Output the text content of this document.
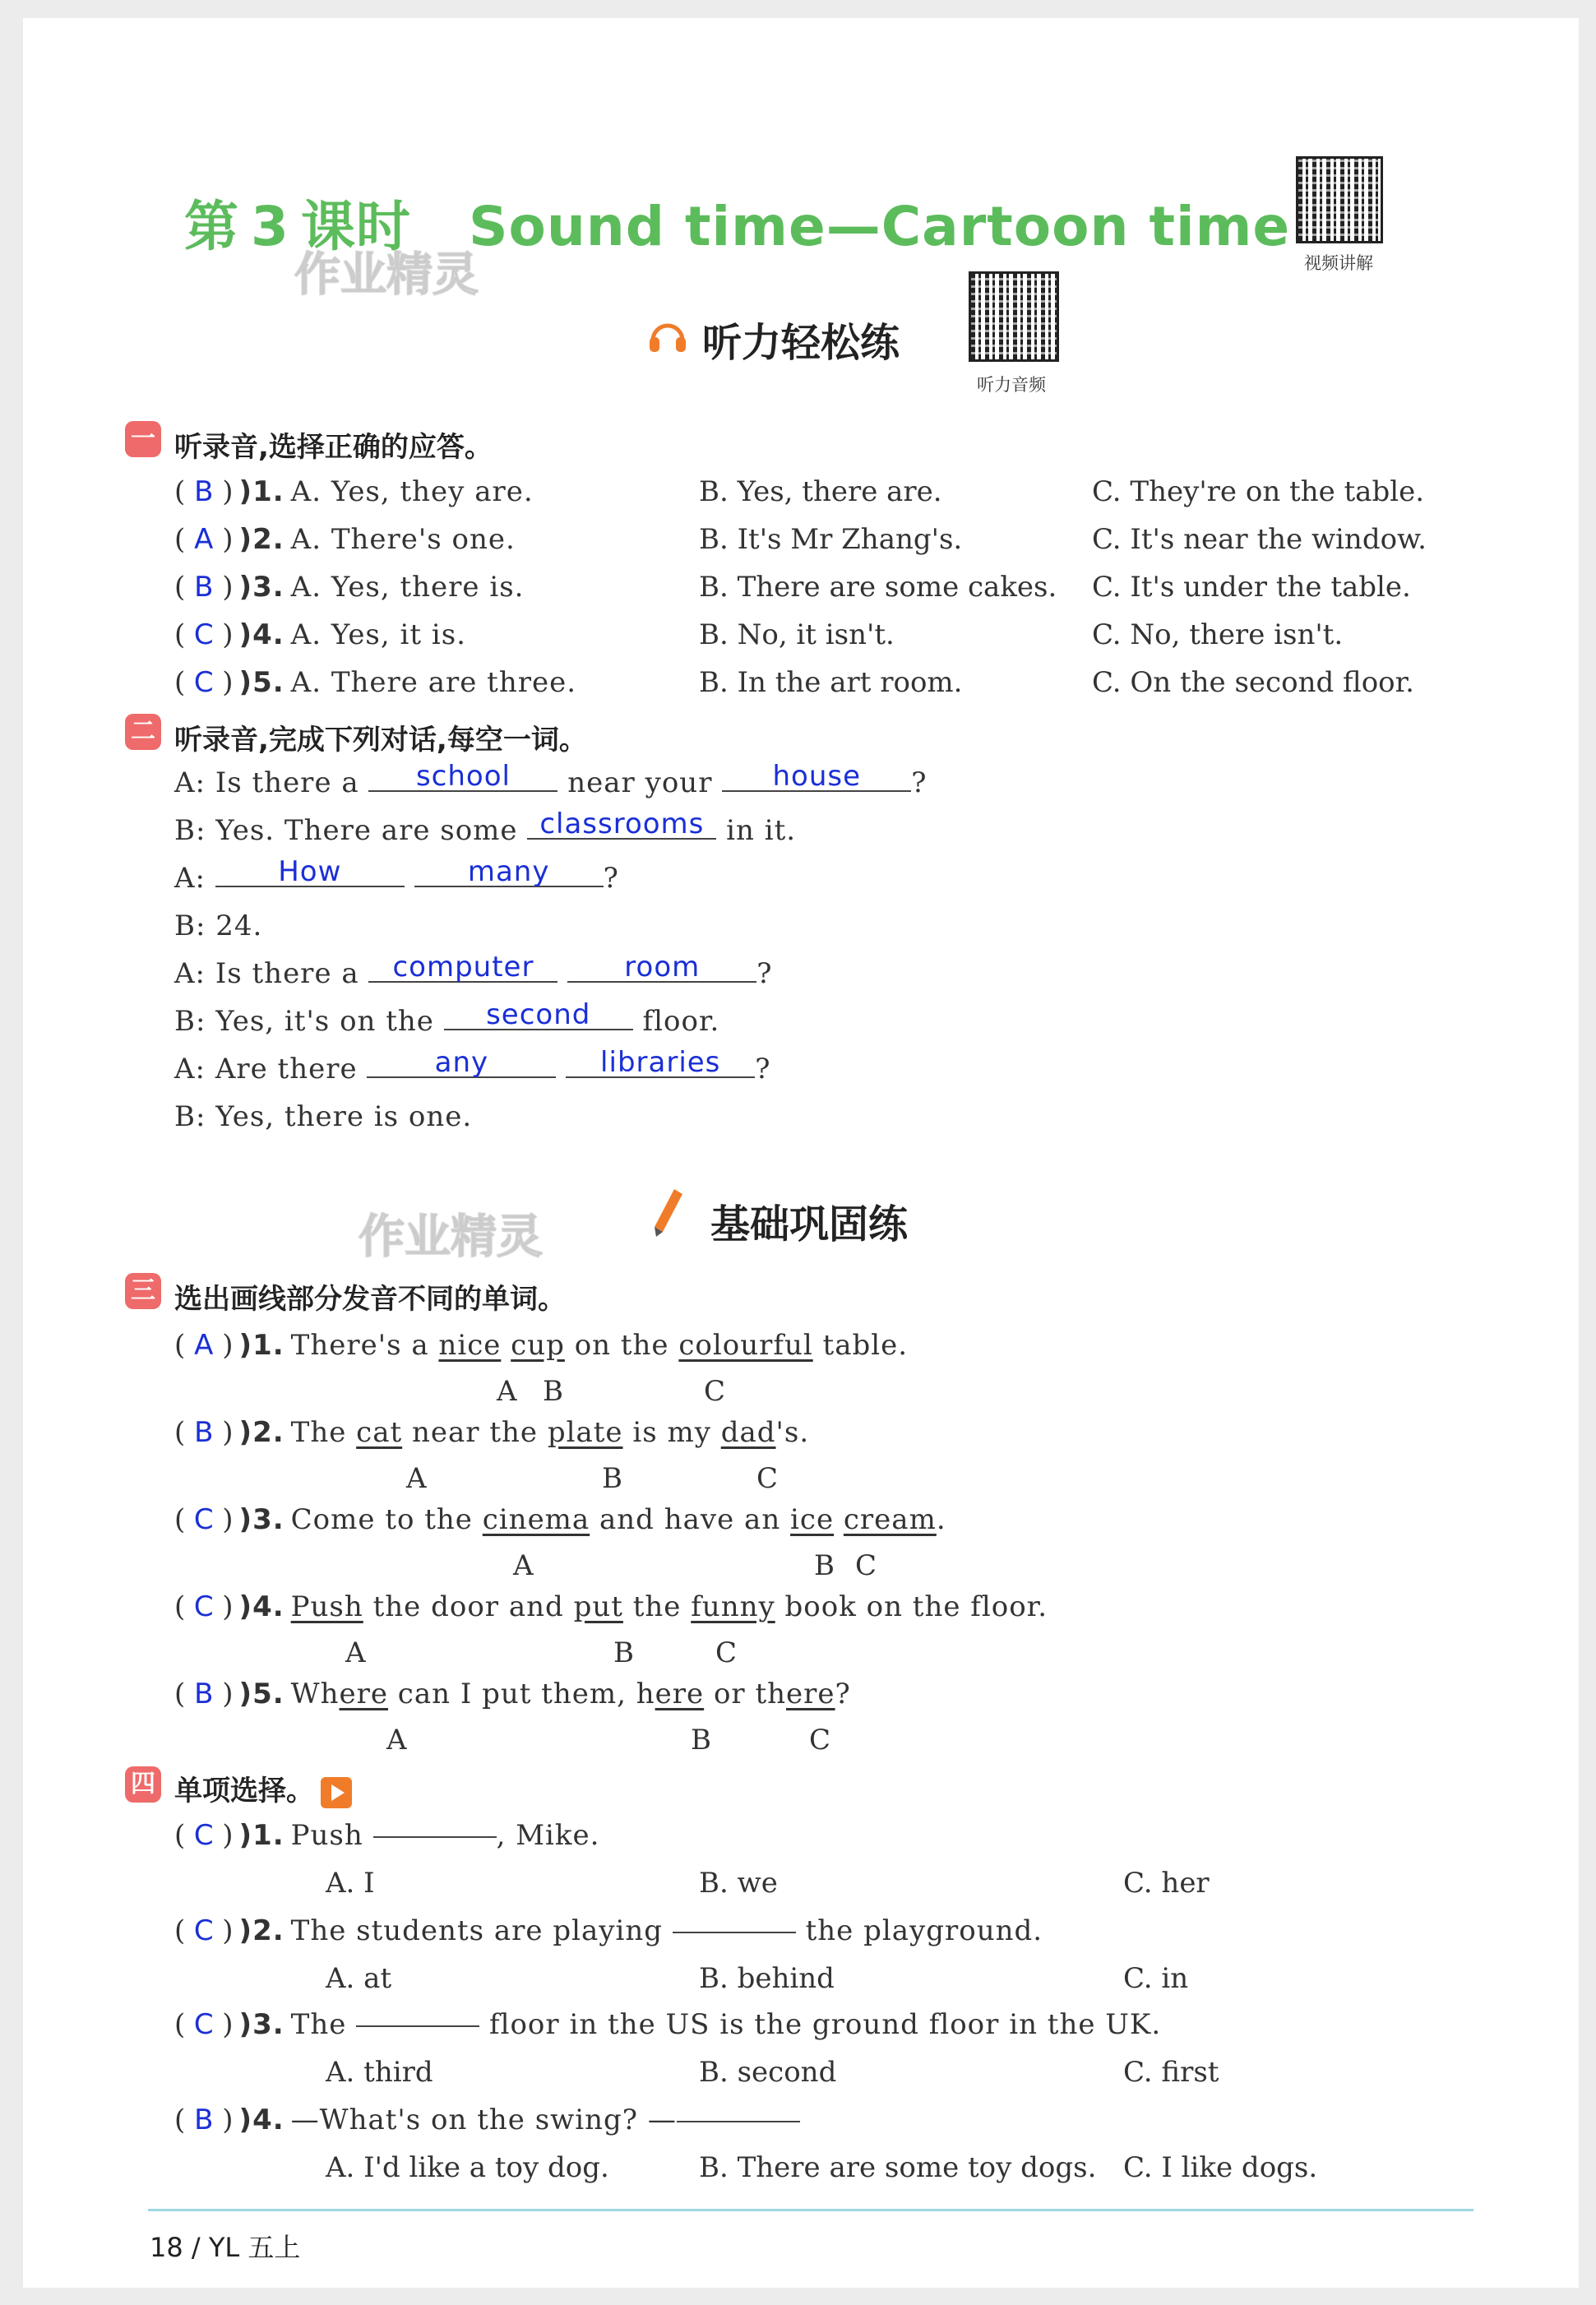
第 3 课时 Sound time—Cartoon time
作业精灵	视频讲解
听力轻松练
听力音频
一 听录音,选择正确的应答。
( B ) )1. A. Yes, they are.	B. Yes, there are.	C. They're on the table.
( A ) )2. A. There's one.	B. It's Mr Zhang's.	C. It's near the window.
( B ) )3. A. Yes, there is.	B. There are some cakes. C. It's under the table.
( C ) )4. A. Yes, it is.	B. No, it isn't.	C. No, there isn't.
( C ) )5. A. There are three.	B. In the art room.	C. On the second floor.
二 听录音,完成下列对话,每空一词。
A: Is there a school near your house ?
B: Yes. There are some classrooms in it.
A:	How	many ?
B: 24.
A: Is there a computer	room ?
B: Yes, it's on the second floor.
A: Are there	any	libraries ?
B: Yes, there is one.
作业精灵	基础巩固练
三 选出画线部分发音不同的单词。
( A ) )1. There's a nice cup on the colourful table.
A B	C
( B ) )2. The cat near the plate is my dad's.
A	B	C
( C ) )3. Come to the cinema and have an ice cream.
A	B C
( C ) )4. Push the door and put the funny book on the floor.
A	B	C
( B ) )5. Where can I put them, here or there?
A	B	C
四 单项选择。
( C ) )1. Push	, Mike.
A. I	B. we	C. her
( C ) )2. The students are playing	the playground.
A. at	B. behind	C. in
( C ) )3. The	floor in the US is the ground floor in the UK.
A. third	B. second	C. first
( B ) )4. —What's on the swing? —
A. I'd like a toy dog.	B. There are some toy dogs. C. I like dogs.
18 / YL 五上
